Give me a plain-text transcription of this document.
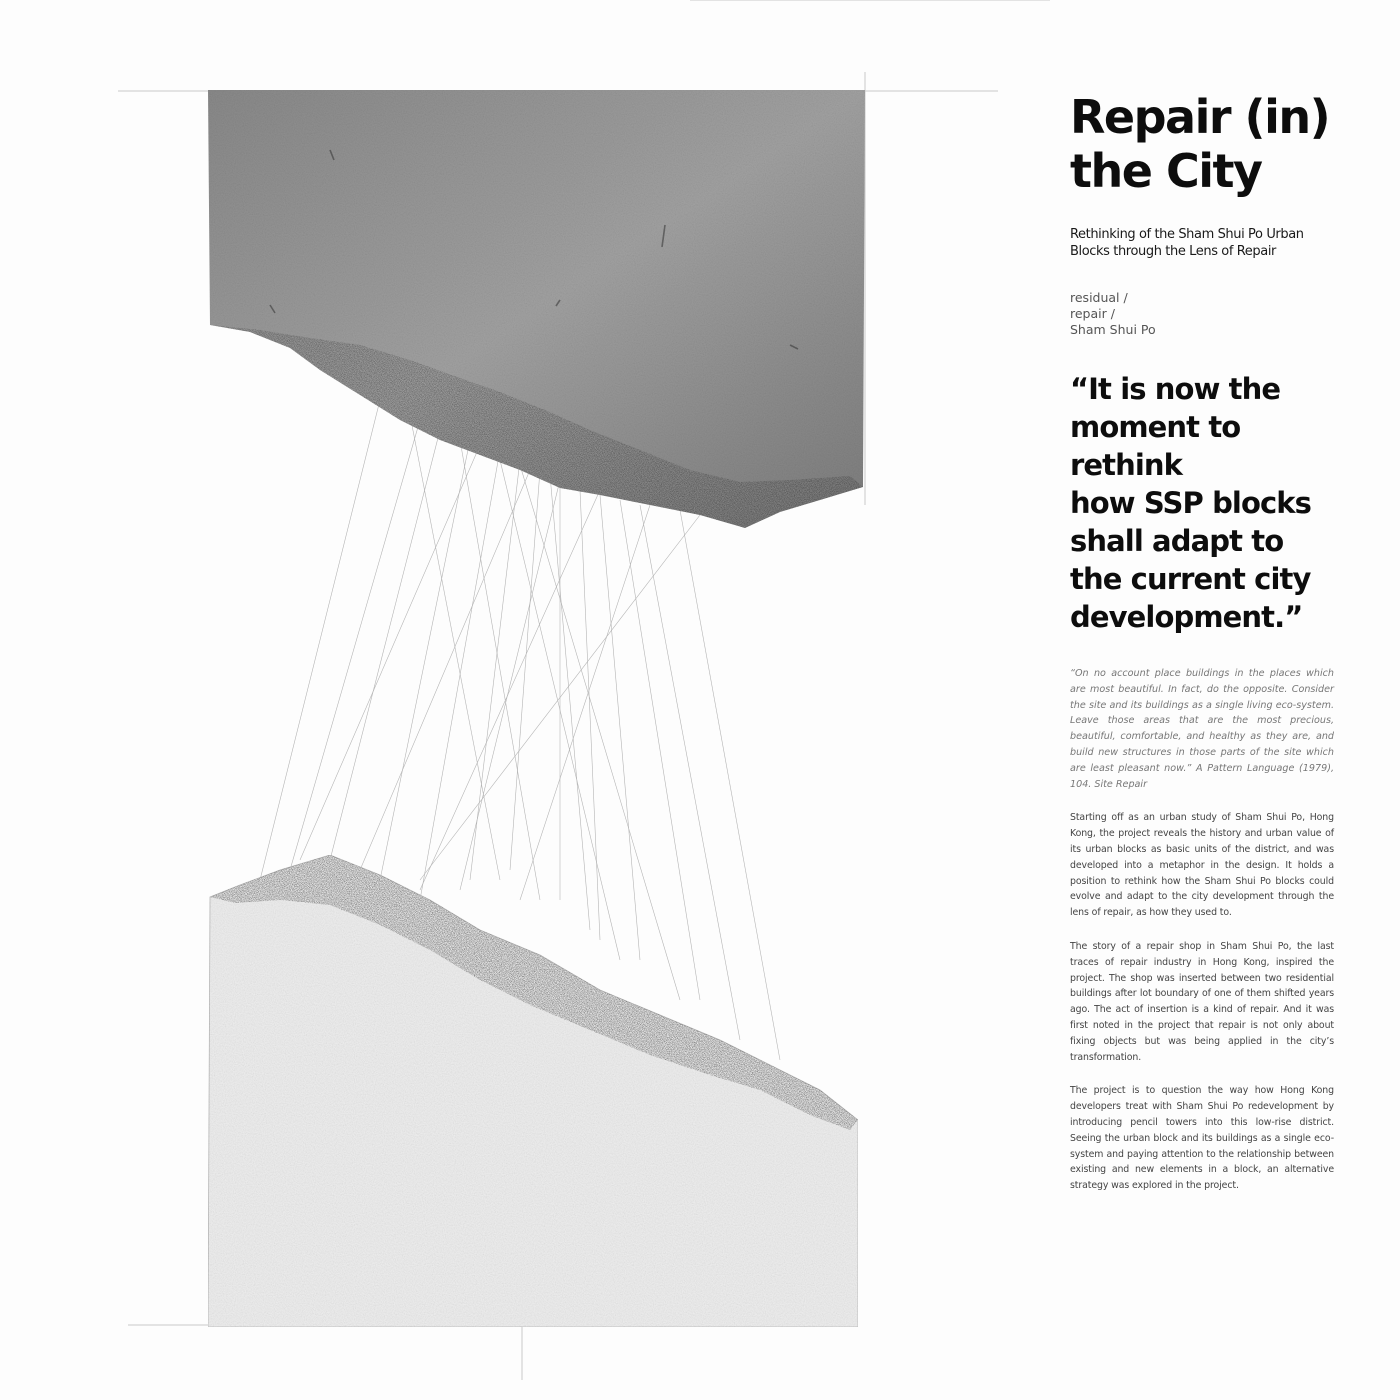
Repair (in)
the City
Rethinking of the Sham Shui Po Urban
Blocks through the Lens of Repair
residual /
repair /
Sham Shui Po
“It is now the
moment to rethink
how SSP blocks
shall adapt to
the current city
development.”

“On no account place buildings in the places which are most beautiful. In fact, do the opposite. Consider the site and its buildings as a single living eco-system. Leave those areas that are the most precious, beautiful, comfortable, and healthy as they are, and build new structures in those parts of the site which are least pleasant now.” A Pattern Language (1979), 104. Site Repair

Starting off as an urban study of Sham Shui Po, Hong Kong, the project reveals the history and urban value of its urban blocks as basic units of the district, and was developed into a metaphor in the design. It holds a position to rethink how the Sham Shui Po blocks could evolve and adapt to the city development through the lens of repair, as how they used to.

The story of a repair shop in Sham Shui Po, the last traces of repair industry in Hong Kong, inspired the project. The shop was inserted between two residential buildings after lot boundary of one of them shifted years ago. The act of insertion is a kind of repair. And it was first noted in the project that repair is not only about fixing objects but was being applied in the city’s transformation.

The project is to question the way how Hong Kong developers treat with Sham Shui Po redevelopment by introducing pencil towers into this low-rise district. Seeing the urban block and its buildings as a single eco-system and paying attention to the relationship between existing and new elements in a block, an alternative strategy was explored in the project.
